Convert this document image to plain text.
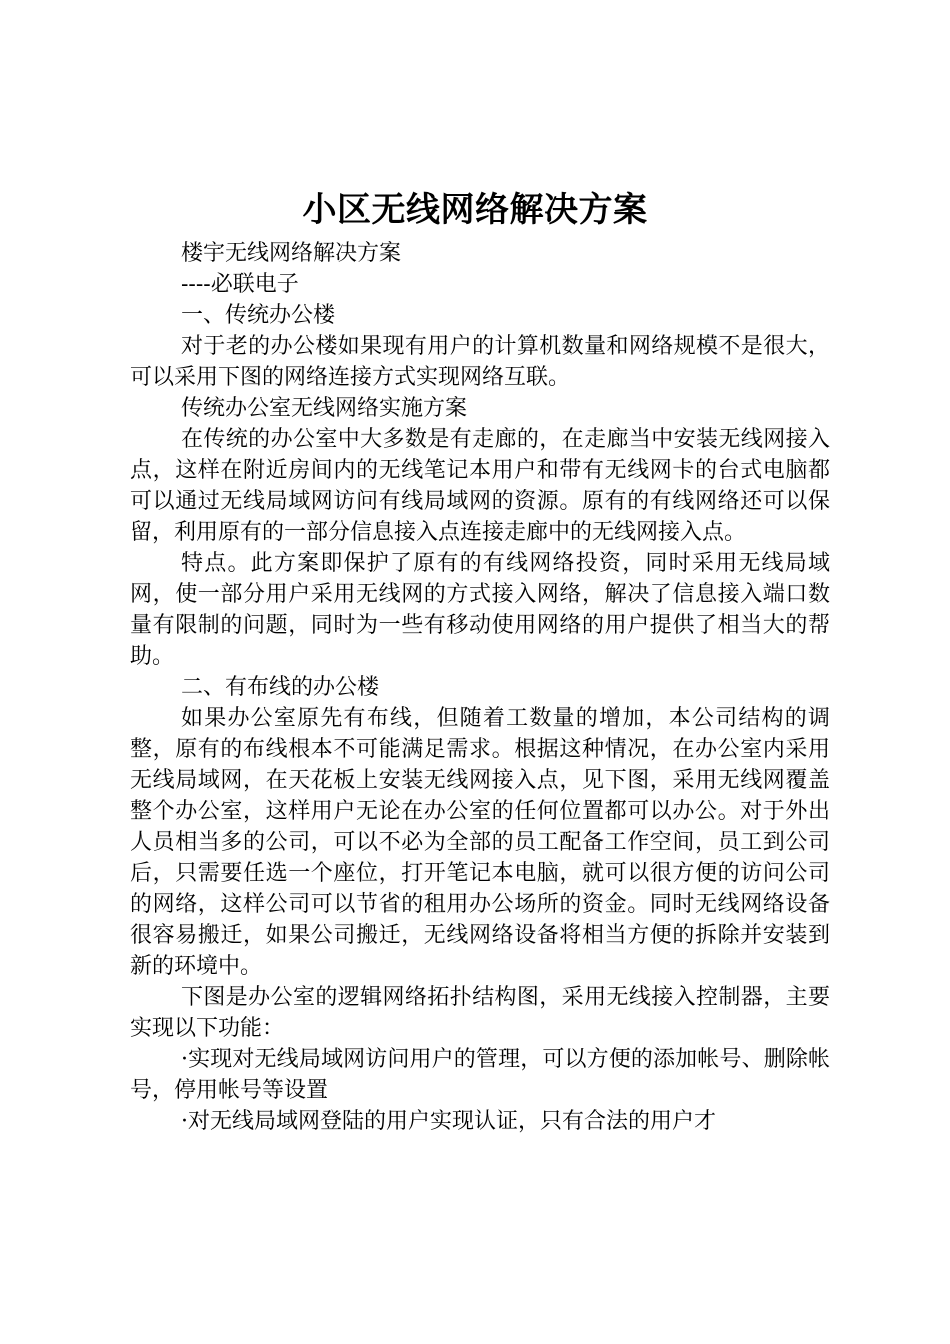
小区无线网络解决方案

楼宇无线网络解决方案

----必联电子

一、传统办公楼

对于老的办公楼如果现有用户的计算机数量和网络规模不是很大，可以采用下图的网络连接方式实现网络互联。

传统办公室无线网络实施方案

在传统的办公室中大多数是有走廊的，在走廊当中安装无线网接入点，这样在附近房间内的无线笔记本用户和带有无线网卡的台式电脑都可以通过无线局域网访问有线局域网的资源。原有的有线网络还可以保留，利用原有的一部分信息接入点连接走廊中的无线网接入点。

特点。此方案即保护了原有的有线网络投资，同时采用无线局域网，使一部分用户采用无线网的方式接入网络，解决了信息接入端口数量有限制的问题，同时为一些有移动使用网络的用户提供了相当大的帮助。

二、有布线的办公楼

如果办公室原先有布线，但随着工数量的增加，本公司结构的调整，原有的布线根本不可能满足需求。根据这种情况，在办公室内采用无线局域网，在天花板上安装无线网接入点，见下图，采用无线网覆盖整个办公室，这样用户无论在办公室的任何位置都可以办公。对于外出人员相当多的公司，可以不必为全部的员工配备工作空间，员工到公司后，只需要任选一个座位，打开笔记本电脑，就可以很方便的访问公司的网络，这样公司可以节省的租用办公场所的资金。同时无线网络设备很容易搬迁，如果公司搬迁，无线网络设备将相当方便的拆除并安装到新的环境中。

下图是办公室的逻辑网络拓扑结构图，采用无线接入控制器，主要实现以下功能：

·实现对无线局域网访问用户的管理，可以方便的添加帐号、删除帐号，停用帐号等设置

·对无线局域网登陆的用户实现认证，只有合法的用户才
